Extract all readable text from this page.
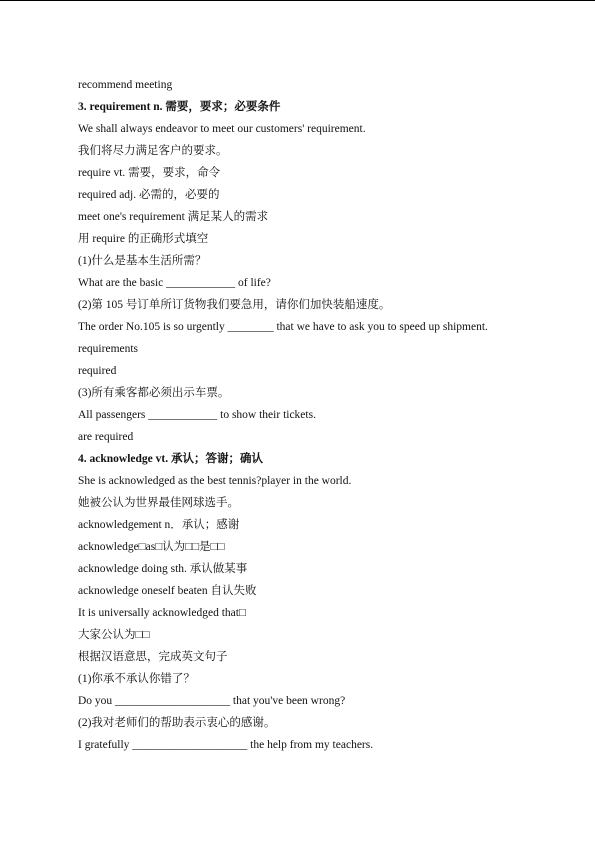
recommend meeting
3. requirement n. 需要，要求；必要条件
We shall always endeavor to meet our customers' requirement.
我们将尽力满足客户的要求。
require vt. 需要，要求，命令
required adj. 必需的，必要的
meet one's requirement 满足某人的需求
用 require 的正确形式填空
(1)什么是基本生活所需？
What are the basic ____________ of life?
(2)第 105 号订单所订货物我们要急用，请你们加快装船速度。
The order No.105 is so urgently ________ that we have to ask you to speed up shipment.
requirements
required
(3)所有乘客都必须出示车票。
All passengers ____________ to show their tickets.
are required
4. acknowledge vt. 承认；答谢；确认
She is acknowledged as the best tennis?player in the world.
她被公认为世界最佳网球选手。
acknowledgement n．承认；感谢
acknowledge□as□认为□□是□□
acknowledge doing sth. 承认做某事
acknowledge oneself beaten 自认失败
It is universally acknowledged that□
大家公认为□□
根据汉语意思，完成英文句子
(1)你承不承认你错了？
Do you ____________________ that you've been wrong?
(2)我对老师们的帮助表示衷心的感谢。
I gratefully ____________________ the help from my teachers.
